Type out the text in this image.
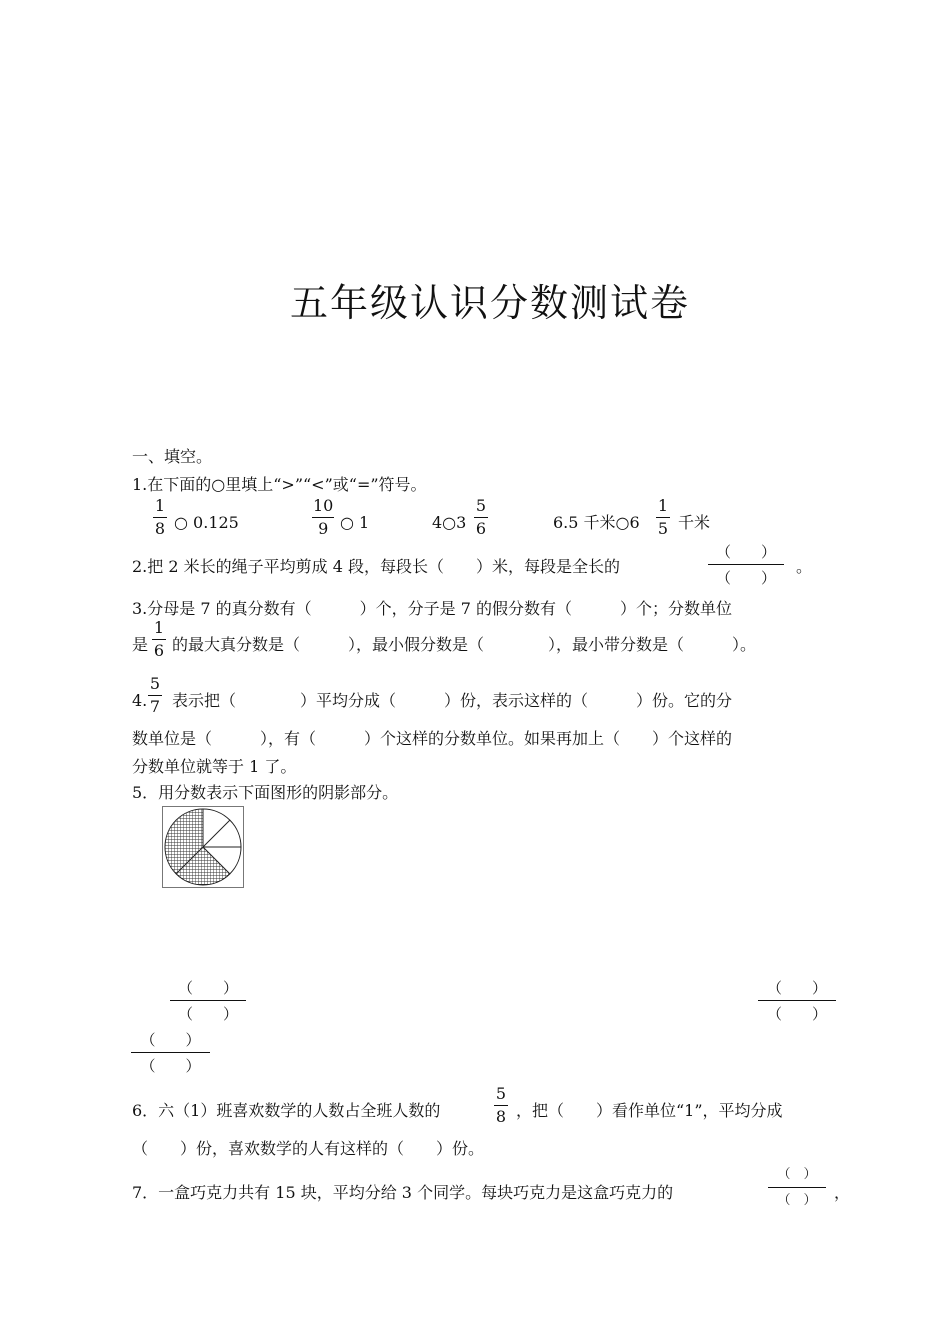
五年级认识分数测试卷
一、填空。
1.在下面的○里填上“>”“<”或“=”符号。
$\frac{1}{8}$ ○ 0.125	$\frac{10}{9}$ ○ 1	4○3 $\frac{5}{6}$	6.5 千米○6 $\frac{1}{5}$ 千米
2.把 2 米长的绳子平均剪成 4 段，每段长（　　）米，每段是全长的
（　　）
（　　）
。
3.分母是 7 的真分数有（　　　）个，分子是 7 的假分数有（　　　）个；分数单位
是 $\frac{1}{6}$ 的最大真分数是（　　　），最小假分数是（　　　　），最小带分数是（　　　）。
4. $\frac{5}{7}$ 表示把（　　　　）平均分成（　　　）份，表示这样的（　　　）份。它的分
数单位是（　　　），有（　　　）个这样的分数单位。如果再加上（　　）个这样的
分数单位就等于 1 了。
5．用分数表示下面图形的阴影部分。
（　　）
（　　）
（　　）
（　　）
（　　）
（　　）
6．六（1）班喜欢数学的人数占全班人数的	$\frac{5}{8}$ ，把（　　）看作单位“1”，平均分成
（　　）份，喜欢数学的人有这样的（　　）份。
7．一盒巧克力共有 15 块，平均分给 3 个同学。每块巧克力是这盒巧克力的
（　）
（　）	，
